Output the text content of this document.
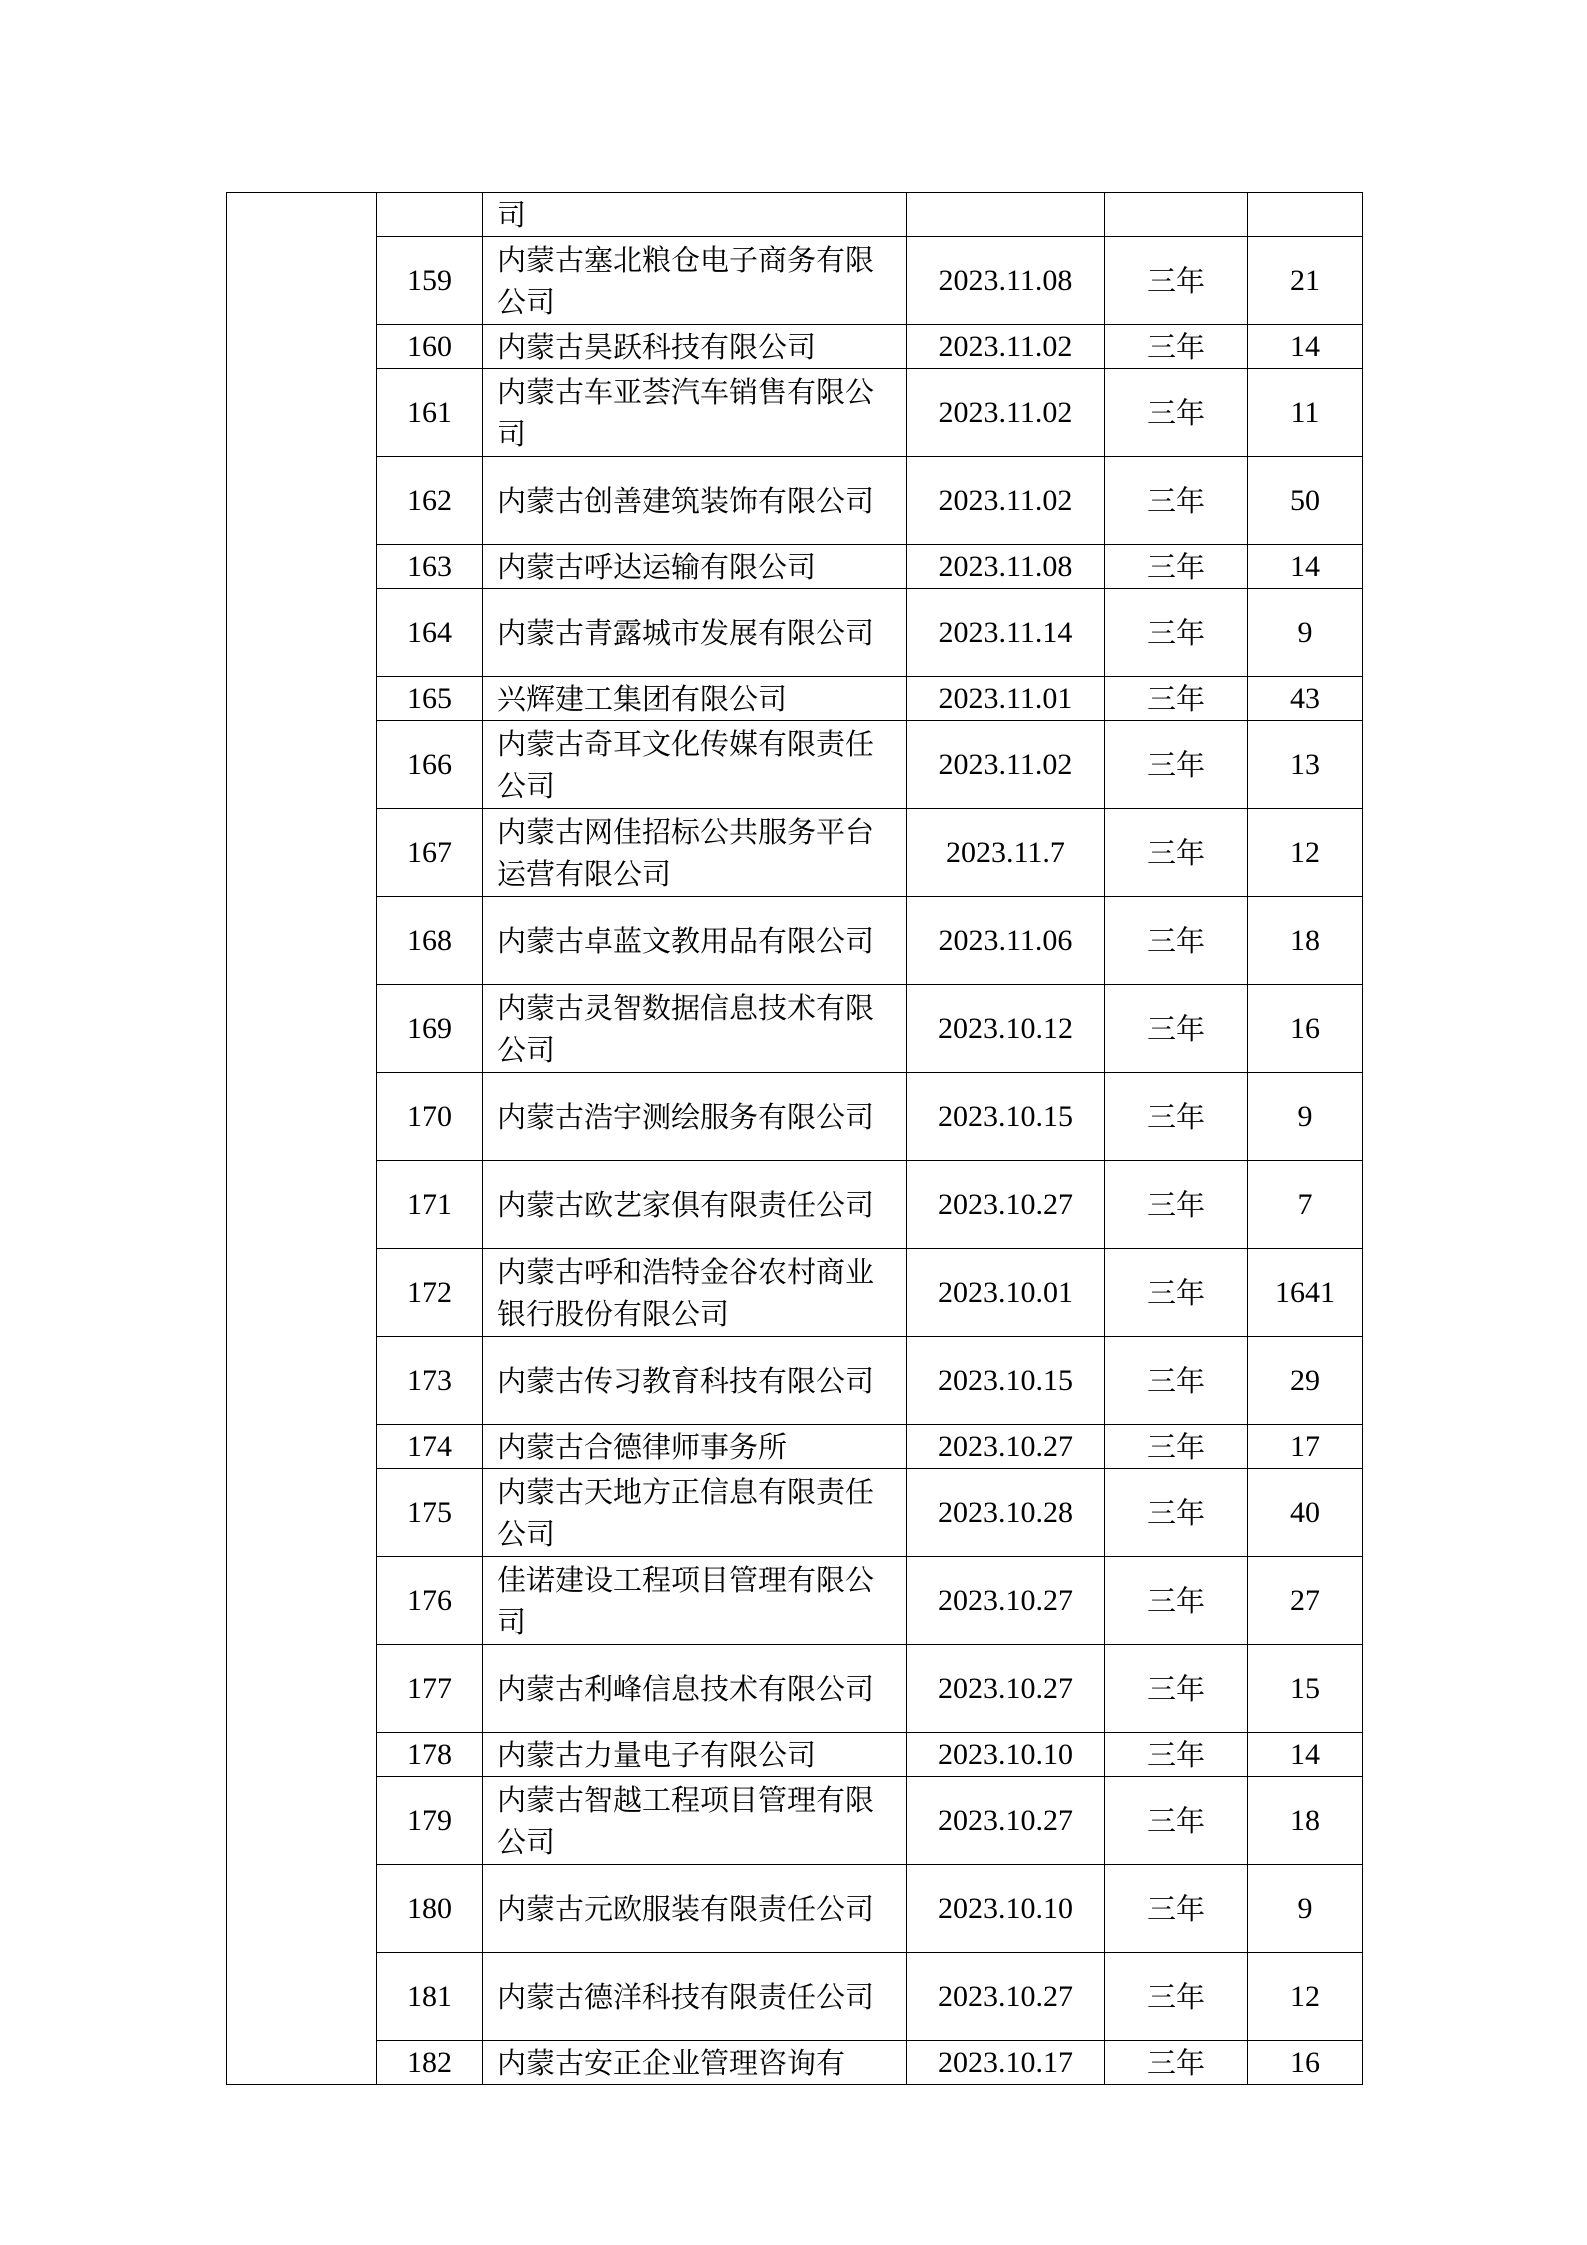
		司			
	159	内蒙古塞北粮仓电子商务有限公司	2023.11.08	三年	21
	160	内蒙古昊跃科技有限公司	2023.11.02	三年	14
	161	内蒙古车亚荟汽车销售有限公司	2023.11.02	三年	11
	162	内蒙古创善建筑装饰有限公司	2023.11.02	三年	50
	163	内蒙古呼达运输有限公司	2023.11.08	三年	14
	164	内蒙古青露城市发展有限公司	2023.11.14	三年	9
	165	兴辉建工集团有限公司	2023.11.01	三年	43
	166	内蒙古奇耳文化传媒有限责任公司	2023.11.02	三年	13
	167	内蒙古网佳招标公共服务平台运营有限公司	2023.11.7	三年	12
	168	内蒙古卓蓝文教用品有限公司	2023.11.06	三年	18
	169	内蒙古灵智数据信息技术有限公司	2023.10.12	三年	16
	170	内蒙古浩宇测绘服务有限公司	2023.10.15	三年	9
	171	内蒙古欧艺家俱有限责任公司	2023.10.27	三年	7
	172	内蒙古呼和浩特金谷农村商业银行股份有限公司	2023.10.01	三年	1641
	173	内蒙古传习教育科技有限公司	2023.10.15	三年	29
	174	内蒙古合德律师事务所	2023.10.27	三年	17
	175	内蒙古天地方正信息有限责任公司	2023.10.28	三年	40
	176	佳诺建设工程项目管理有限公司	2023.10.27	三年	27
	177	内蒙古利峰信息技术有限公司	2023.10.27	三年	15
	178	内蒙古力量电子有限公司	2023.10.10	三年	14
	179	内蒙古智越工程项目管理有限公司	2023.10.27	三年	18
	180	内蒙古元欧服装有限责任公司	2023.10.10	三年	9
	181	内蒙古德洋科技有限责任公司	2023.10.27	三年	12
	182	内蒙古安正企业管理咨询有	2023.10.17	三年	16
